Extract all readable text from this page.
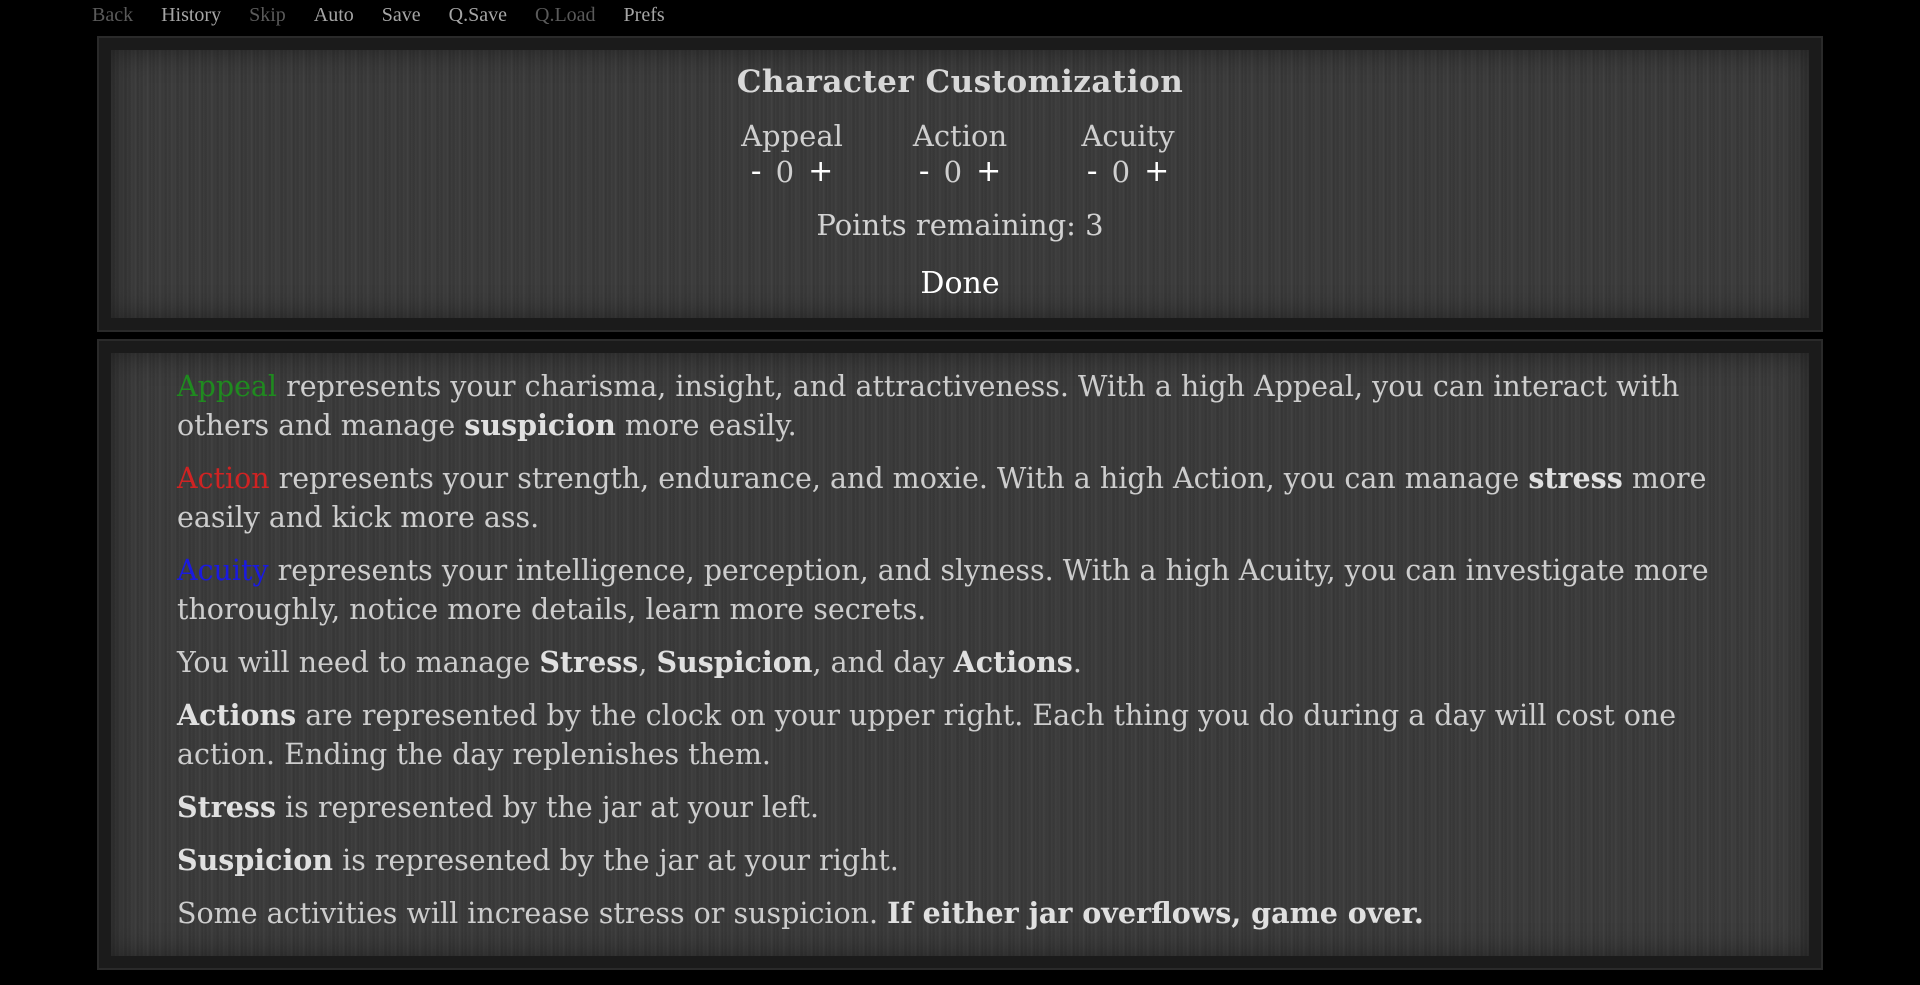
Back History Skip Auto Save Q.Save Q.Load Prefs
Character Customization
Appeal
- 0 +
Action
- 0 +
Acuity
- 0 +
Points remaining: 3
Done

Appeal represents your charisma, insight, and attractiveness. With a high Appeal, you can interact with others and manage suspicion more easily.

Action represents your strength, endurance, and moxie. With a high Action, you can manage stress more easily and kick more ass.

Acuity represents your intelligence, perception, and slyness. With a high Acuity, you can investigate more thoroughly, notice more details, learn more secrets.

You will need to manage Stress, Suspicion, and day Actions.

Actions are represented by the clock on your upper right. Each thing you do during a day will cost one action. Ending the day replenishes them.

Stress is represented by the jar at your left.

Suspicion is represented by the jar at your right.

Some activities will increase stress or suspicion. If either jar overflows, game over.
